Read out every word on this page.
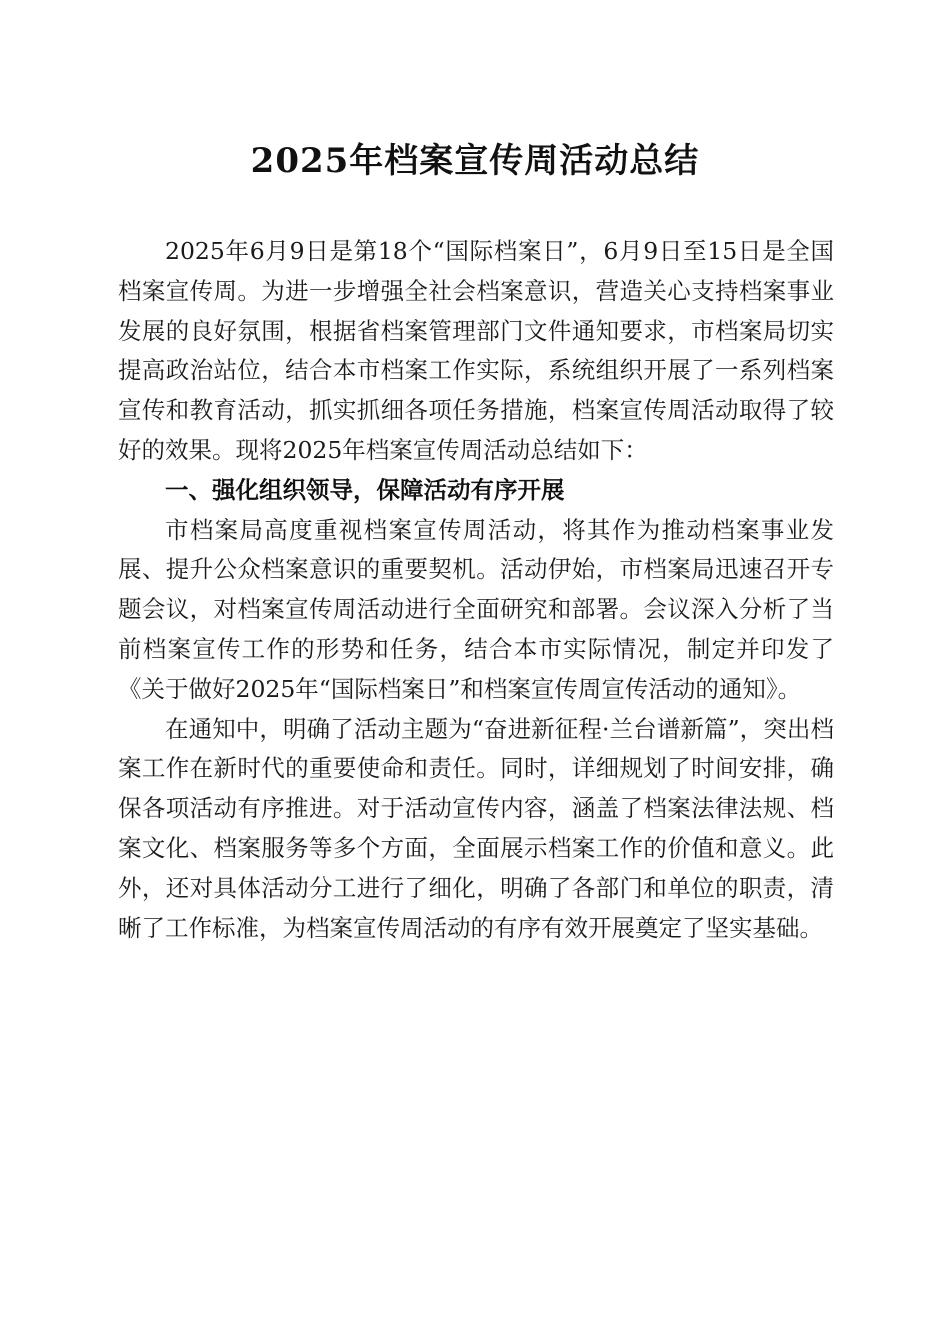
2025年档案宣传周活动总结

2025年6月9日是第18个“国际档案日”，6月9日至15日是全国档案宣传周。为进一步增强全社会档案意识，营造关心支持档案事业发展的良好氛围，根据省档案管理部门文件通知要求，市档案局切实提高政治站位，结合本市档案工作实际，系统组织开展了一系列档案宣传和教育活动，抓实抓细各项任务措施，档案宣传周活动取得了较好的效果。现将2025年档案宣传周活动总结如下：

一、强化组织领导，保障活动有序开展

市档案局高度重视档案宣传周活动，将其作为推动档案事业发展、提升公众档案意识的重要契机。活动伊始，市档案局迅速召开专题会议，对档案宣传周活动进行全面研究和部署。会议深入分析了当前档案宣传工作的形势和任务，结合本市实际情况，制定并印发了《关于做好2025年“国际档案日”和档案宣传周宣传活动的通知》。

在通知中，明确了活动主题为“奋进新征程·兰台谱新篇”，突出档案工作在新时代的重要使命和责任。同时，详细规划了时间安排，确保各项活动有序推进。对于活动宣传内容，涵盖了档案法律法规、档案文化、档案服务等多个方面，全面展示档案工作的价值和意义。此外，还对具体活动分工进行了细化，明确了各部门和单位的职责，清晰了工作标准，为档案宣传周活动的有序有效开展奠定了坚实基础。
